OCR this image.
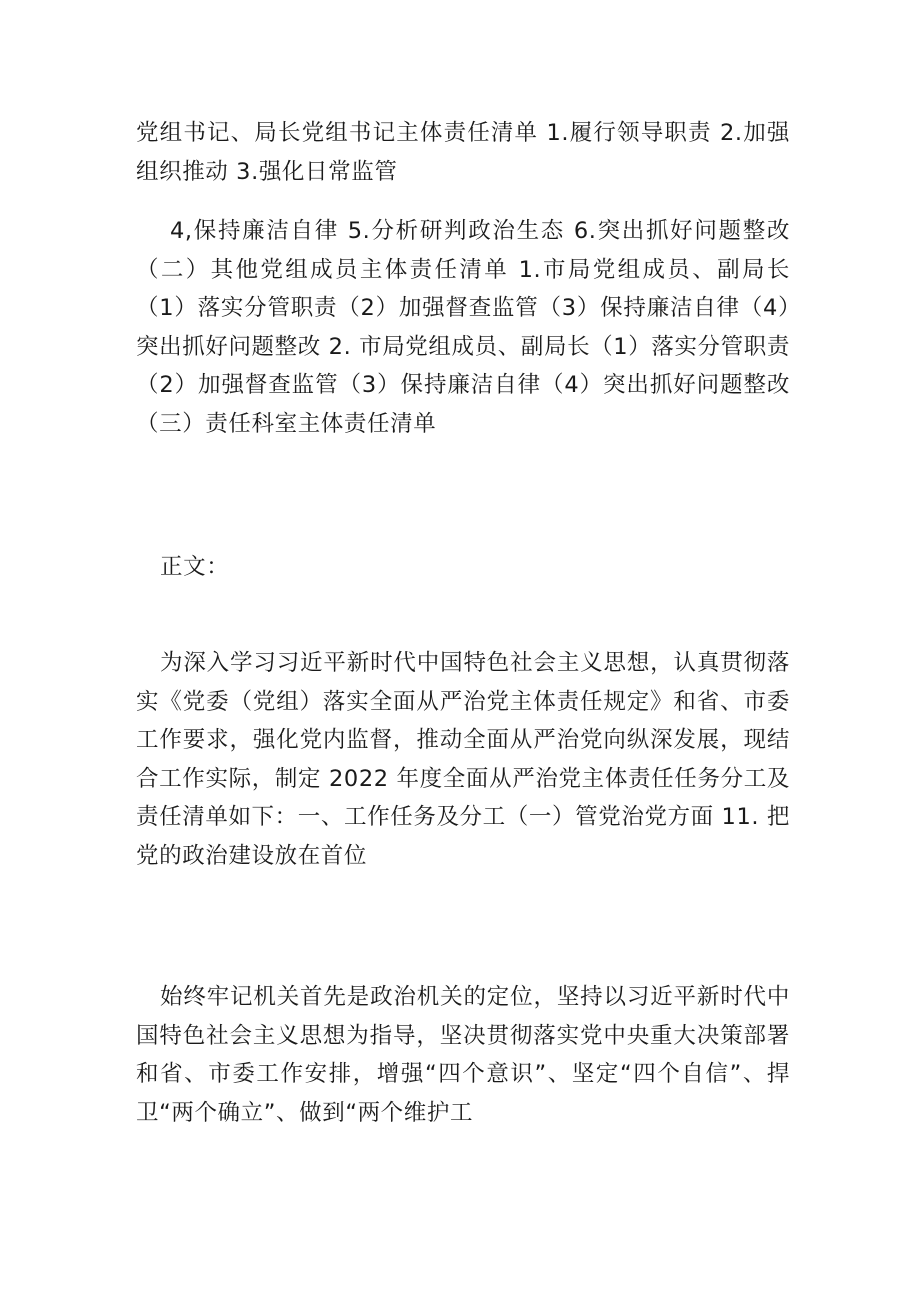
党组书记、局长党组书记主体责任清单 1.履行领导职责 2.加强组织推动 3.强化日常监管

4,保持廉洁自律 5.分析研判政治生态 6.突出抓好问题整改（二）其他党组成员主体责任清单 1.市局党组成员、副局长（1）落实分管职责（2）加强督查监管（3）保持廉洁自律（4）突出抓好问题整改 2. 市局党组成员、副局长（1）落实分管职责（2）加强督查监管（3）保持廉洁自律（4）突出抓好问题整改（三）责任科室主体责任清单

正文：

为深入学习习近平新时代中国特色社会主义思想，认真贯彻落实《党委（党组）落实全面从严治党主体责任规定》和省、市委工作要求，强化党内监督，推动全面从严治党向纵深发展，现结合工作实际，制定 2022 年度全面从严治党主体责任任务分工及责任清单如下：一、工作任务及分工（一）管党治党方面 11. 把党的政治建设放在首位

始终牢记机关首先是政治机关的定位，坚持以习近平新时代中国特色社会主义思想为指导，坚决贯彻落实党中央重大决策部署和省、市委工作安排，增强“四个意识”、坚定“四个自信”、捍卫“两个确立”、做到“两个维护工
